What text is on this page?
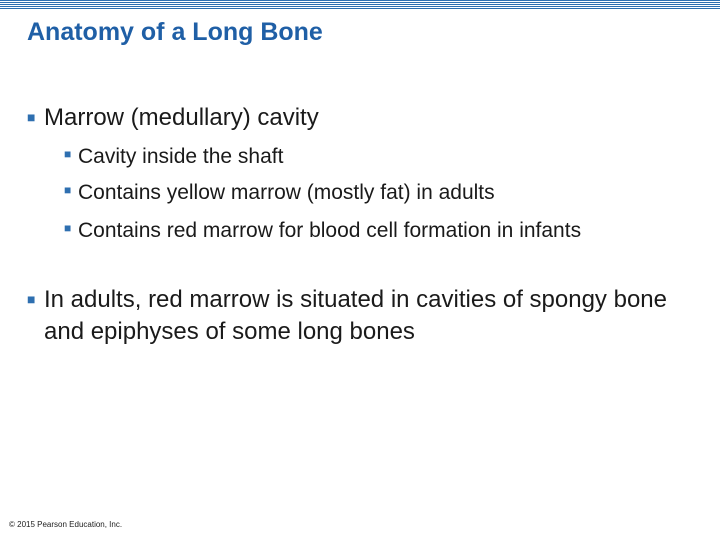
Anatomy of a Long Bone
■ Marrow (medullary) cavity
■ Cavity inside the shaft
■ Contains yellow marrow (mostly fat) in adults
■ Contains red marrow for blood cell formation in infants
■ In adults, red marrow is situated in cavities of spongy bone and epiphyses of some long bones
© 2015 Pearson Education, Inc.
